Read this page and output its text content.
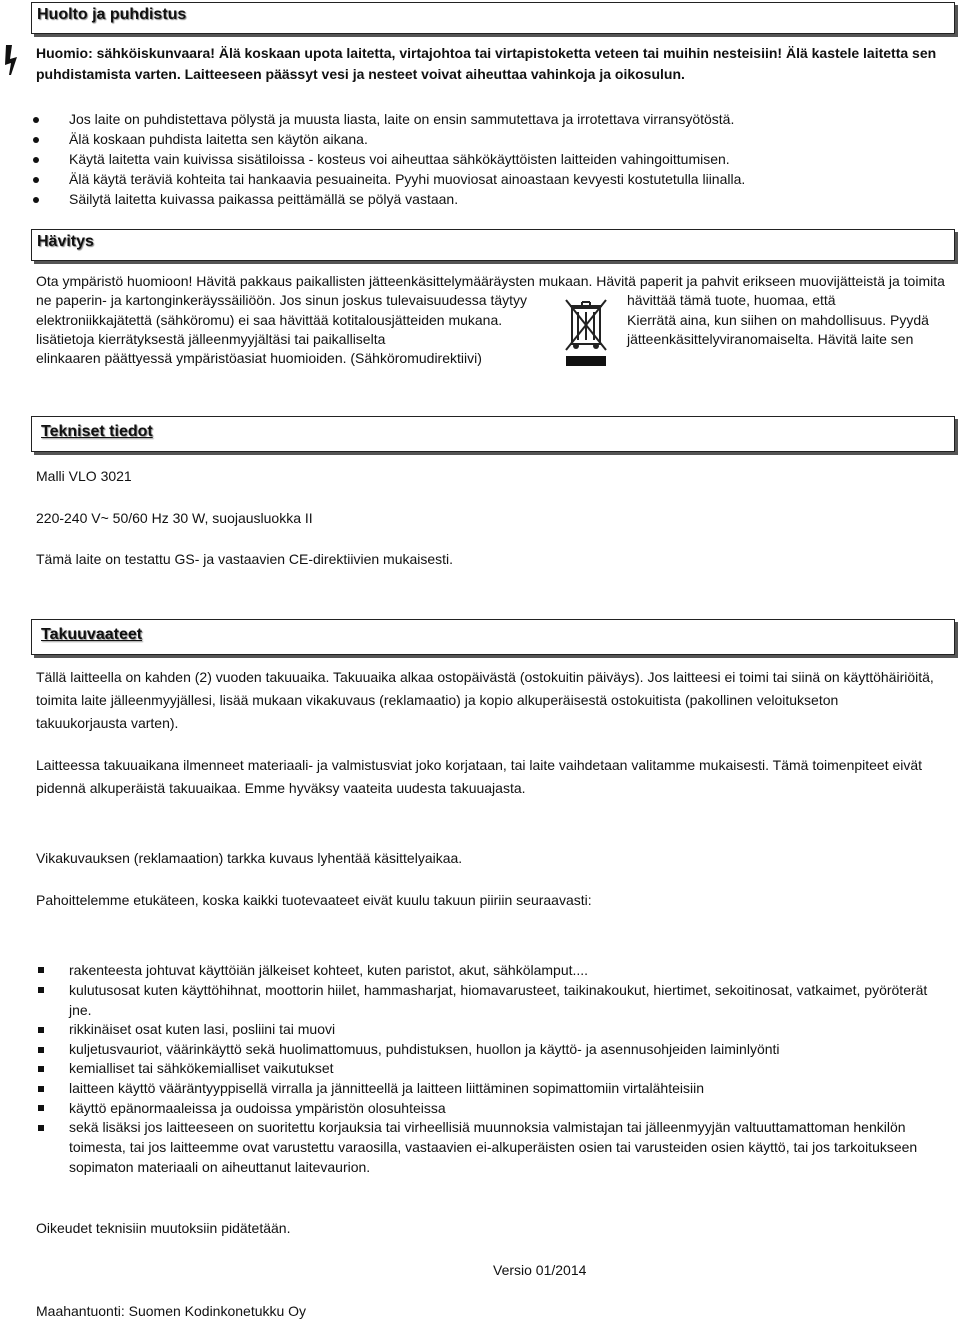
Huolto ja puhdistus
Huomio: sähköiskunvaara! Älä koskaan upota laitetta, virtajohtoa tai virtapistoketta veteen tai muihin nesteisiin! Älä kastele laitetta sen
puhdistamista varten. Laitteeseen päässyt vesi ja nesteet voivat aiheuttaa vahinkoja ja oikosulun.
Jos laite on puhdistettava pölystä ja muusta liasta, laite on ensin sammutettava ja irrotettava virransyötöstä.
Älä koskaan puhdista laitetta sen käytön aikana.
Käytä laitetta vain kuivissa sisätiloissa - kosteus voi aiheuttaa sähkökäyttöisten laitteiden vahingoittumisen.
Älä käytä teräviä kohteita tai hankaavia pesuaineita. Pyyhi muoviosat ainoastaan kevyesti kostutetulla liinalla.
Säilytä laitetta kuivassa paikassa peittämällä se pölyä vastaan.
Hävitys
Ota ympäristö huomioon! Hävitä pakkaus paikallisten jätteenkäsittelymääräysten mukaan. Hävitä paperit ja pahvit erikseen muovijätteistä ja toimita
ne paperin- ja kartonginkeräyssäiliöön. Jos sinun joskus tulevaisuudessa täytyy
elektroniikkajätettä (sähköromu) ei saa hävittää kotitalousjätteiden mukana.
lisätietoja kierrätyksestä jälleenmyyjältäsi tai paikalliselta
elinkaaren päättyessä ympäristöasiat huomioiden. (Sähköromudirektiivi)
hävittää tämä tuote, huomaa, että
Kierrätä aina, kun siihen on mahdollisuus. Pyydä
jätteenkäsittelyviranomaiselta. Hävitä laite sen
Tekniset tiedot
Malli VLO 3021
220-240 V~ 50/60 Hz 30 W, suojausluokka II
Tämä laite on testattu GS- ja vastaavien CE-direktiivien mukaisesti.
Takuuvaateet
Tällä laitteella on kahden (2) vuoden takuuaika. Takuuaika alkaa ostopäivästä (ostokuitin päiväys). Jos laitteesi ei toimi tai siinä on käyttöhäiriöitä,
toimita laite jälleenmyyjällesi, lisää mukaan vikakuvaus (reklamaatio) ja kopio alkuperäisestä ostokuitista (pakollinen veloitukseton
takuukorjausta varten).
Laitteessa takuuaikana ilmenneet materiaali- ja valmistusviat joko korjataan, tai laite vaihdetaan valitamme mukaisesti. Tämä toimenpiteet eivät
pidennä alkuperäistä takuuaikaa. Emme hyväksy vaateita uudesta takuuajasta.
Vikakuvauksen (reklamaation) tarkka kuvaus lyhentää käsittelyaikaa.
Pahoittelemme etukäteen, koska kaikki tuotevaateet eivät kuulu takuun piiriin seuraavasti:
rakenteesta johtuvat käyttöiän jälkeiset kohteet, kuten paristot, akut, sähkölamput....
kulutusosat kuten käyttöhihnat, moottorin hiilet, hammasharjat, hiomavarusteet, taikinakoukut, hiertimet, sekoitinosat, vatkaimet, pyöröterät
jne.
rikkinäiset osat kuten lasi, posliini tai muovi
kuljetusvauriot, väärinkäyttö sekä huolimattomuus, puhdistuksen, huollon ja käyttö- ja asennusohjeiden laiminlyönti
kemialliset tai sähkökemialliset vaikutukset
laitteen käyttö vääräntyyppisellä virralla ja jännitteellä ja laitteen liittäminen sopimattomiin virtalähteisiin
käyttö epänormaaleissa ja oudoissa ympäristön olosuhteissa
sekä lisäksi jos laitteeseen on suoritettu korjauksia tai virheellisiä muunnoksia valmistajan tai jälleenmyyjän valtuuttamattoman henkilön
toimesta, tai jos laitteemme ovat varustettu varaosilla, vastaavien ei-alkuperäisten osien tai varusteiden osien käyttö, tai jos tarkoitukseen
sopimaton materiaali on aiheuttanut laitevaurion.
Oikeudet teknisiin muutoksiin pidätetään.
Versio 01/2014
Maahantuonti: Suomen Kodinkonetukku Oy
